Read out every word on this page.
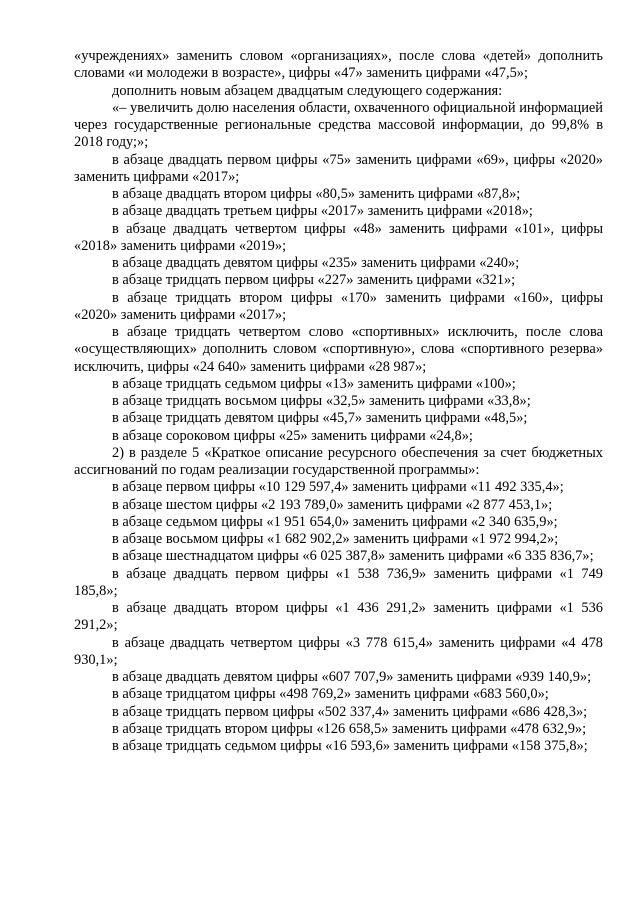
«учреждениях» заменить словом «организациях», после слова «детей» дополнить словами «и молодежи в возрасте», цифры «47» заменить цифрами «47,5»;

дополнить новым абзацем двадцатым следующего содержания:

«– увеличить долю населения области, охваченного официальной информацией через государственные региональные средства массовой информации, до 99,8% в 2018 году;»;

в абзаце двадцать первом цифры «75» заменить цифрами «69», цифры «2020» заменить цифрами «2017»;

в абзаце двадцать втором цифры «80,5» заменить цифрами «87,8»;

в абзаце двадцать третьем цифры «2017» заменить цифрами «2018»;

в абзаце двадцать четвертом цифры «48» заменить цифрами «101», цифры «2018» заменить цифрами «2019»;

в абзаце двадцать девятом цифры «235» заменить цифрами «240»;

в абзаце тридцать первом цифры «227» заменить цифрами «321»;

в абзаце тридцать втором цифры «170» заменить цифрами «160», цифры «2020» заменить цифрами «2017»;

в абзаце тридцать четвертом слово «спортивных» исключить, после слова «осуществляющих» дополнить словом «спортивную», слова «спортивного резерва» исключить, цифры «24 640» заменить цифрами «28 987»;

в абзаце тридцать седьмом цифры «13» заменить цифрами «100»;

в абзаце тридцать восьмом цифры «32,5» заменить цифрами «33,8»;

в абзаце тридцать девятом цифры «45,7» заменить цифрами «48,5»;

в абзаце сороковом цифры «25» заменить цифрами «24,8»;

2) в разделе 5 «Краткое описание ресурсного обеспечения за счет бюджетных ассигнований по годам реализации государственной программы»:

в абзаце первом цифры «10 129 597,4» заменить цифрами «11 492 335,4»;

в абзаце шестом цифры «2 193 789,0» заменить цифрами «2 877 453,1»;

в абзаце седьмом цифры «1 951 654,0» заменить цифрами «2 340 635,9»;

в абзаце восьмом цифры «1 682 902,2» заменить цифрами «1 972 994,2»;

в абзаце шестнадцатом цифры «6 025 387,8» заменить цифрами «6 335 836,7»;

в абзаце двадцать первом цифры «1 538 736,9» заменить цифрами «1 749 185,8»;

в абзаце двадцать втором цифры «1 436 291,2» заменить цифрами «1 536 291,2»;

в абзаце двадцать четвертом цифры «3 778 615,4» заменить цифрами «4 478 930,1»;

в абзаце двадцать девятом цифры «607 707,9» заменить цифрами «939 140,9»;

в абзаце тридцатом цифры «498 769,2» заменить цифрами «683 560,0»;

в абзаце тридцать первом цифры «502 337,4» заменить цифрами «686 428,3»;

в абзаце тридцать втором цифры «126 658,5» заменить цифрами «478 632,9»;

в абзаце тридцать седьмом цифры «16 593,6» заменить цифрами «158 375,8»;
